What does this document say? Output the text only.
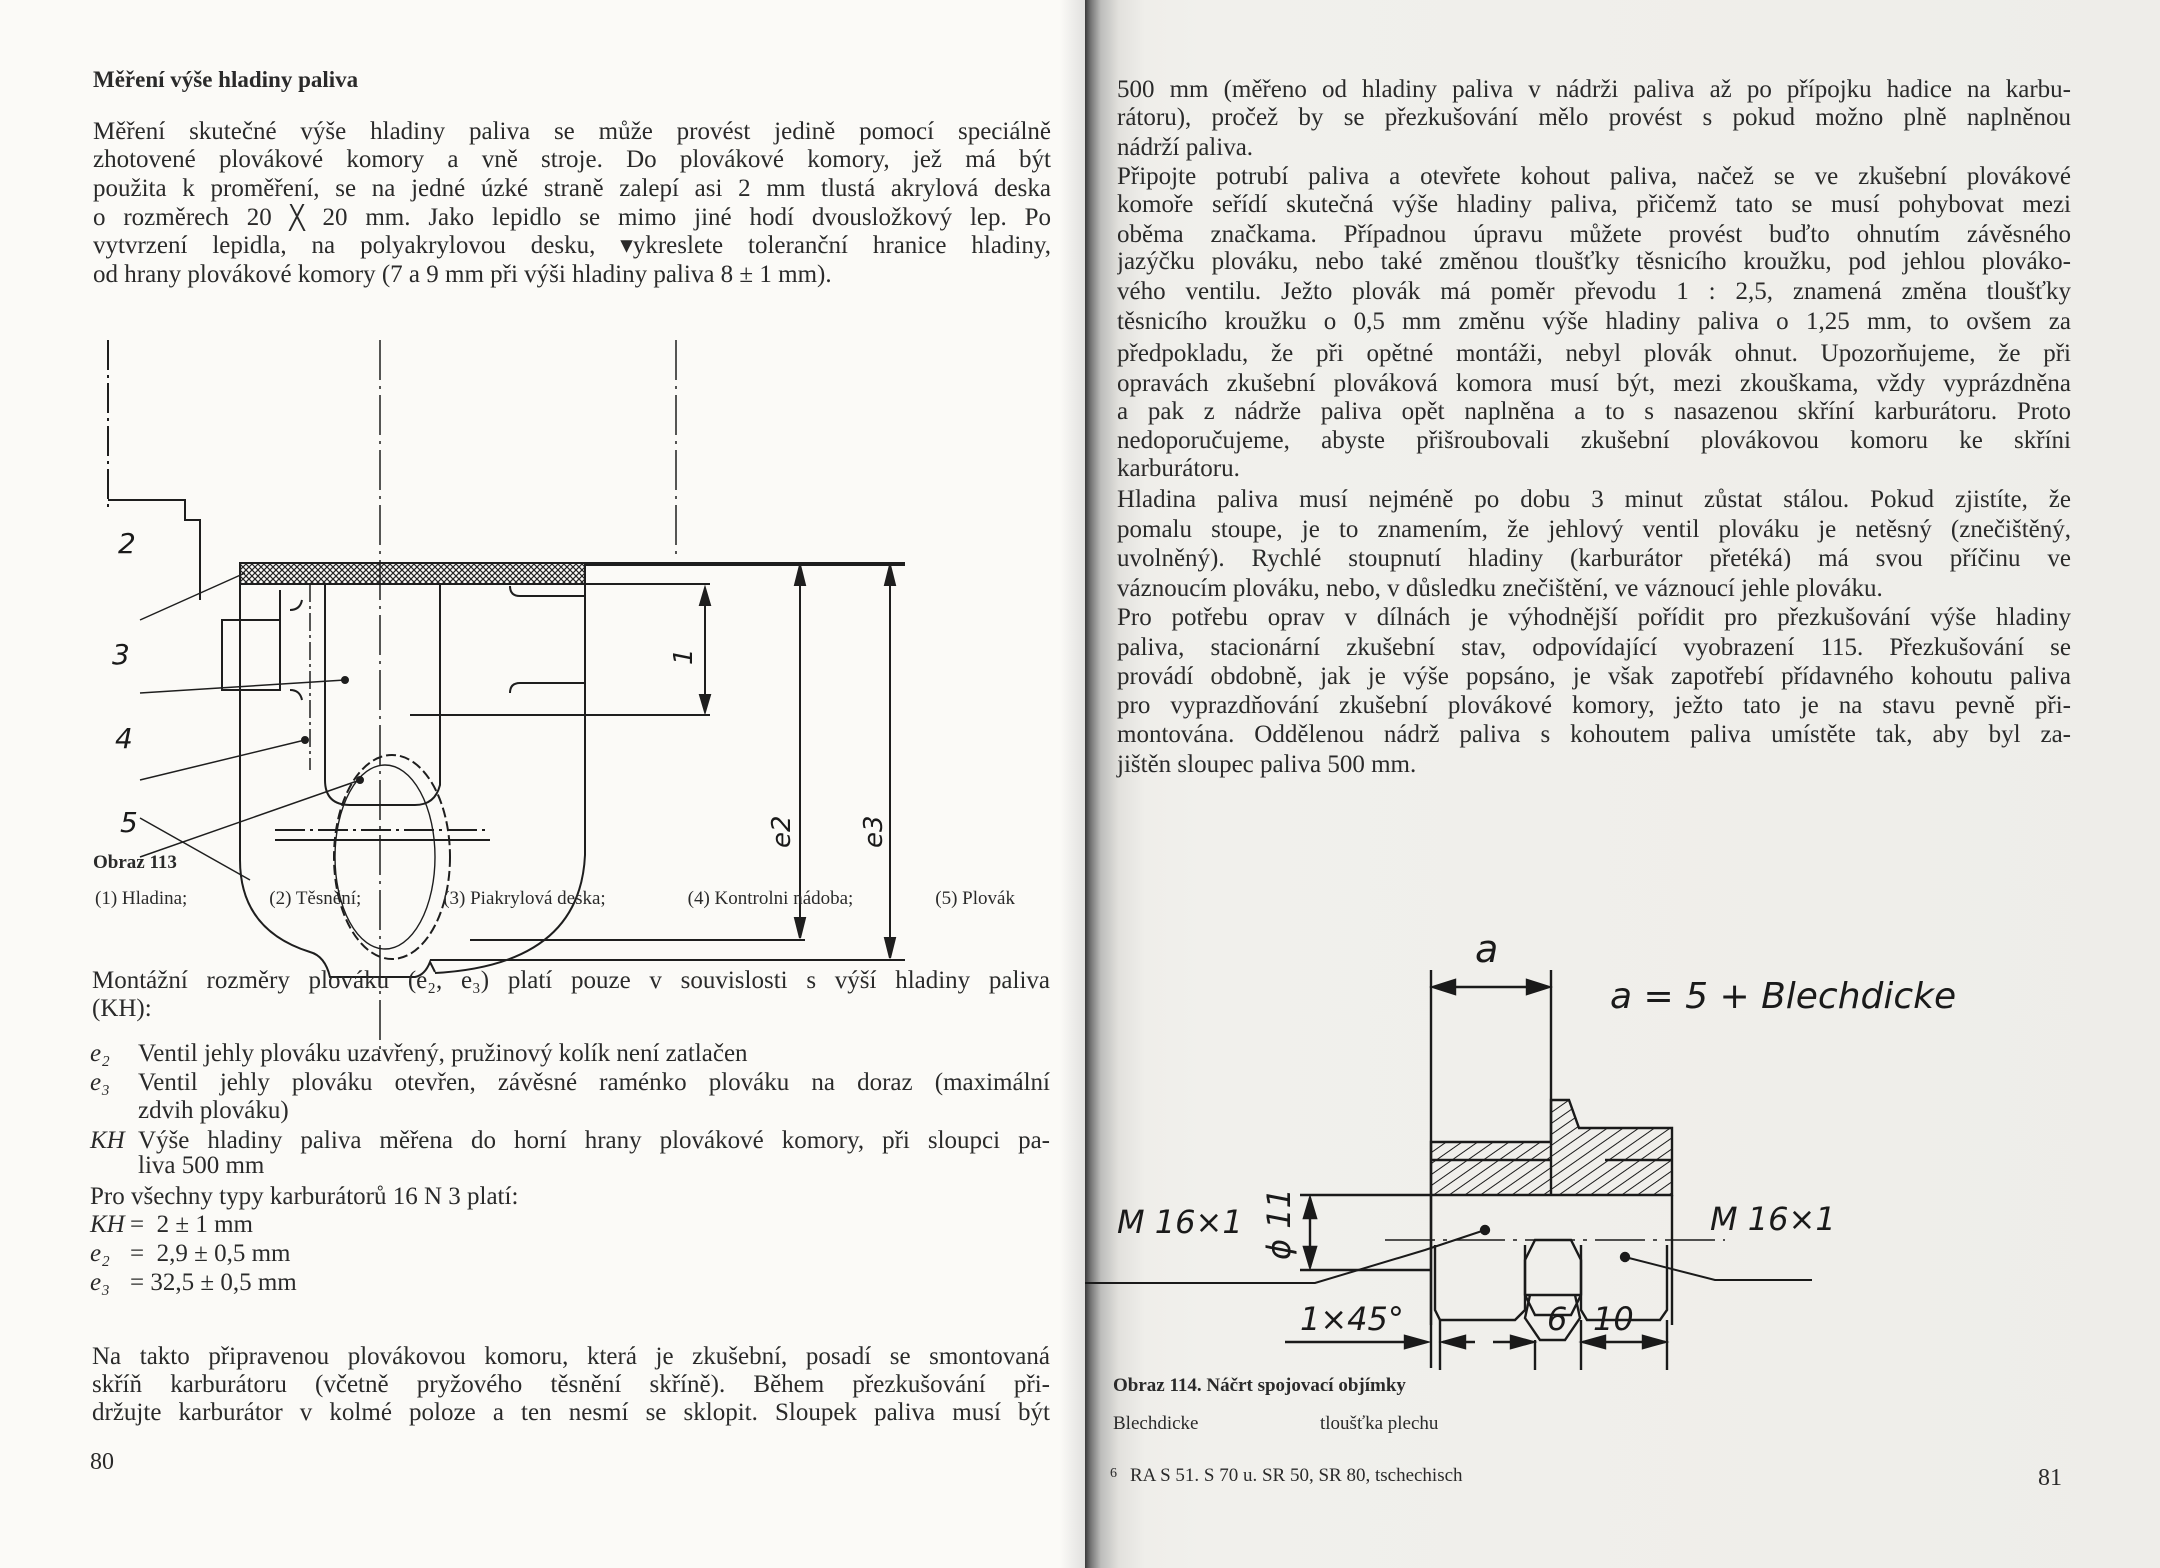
Měření výše hladiny paliva
Měření skutečné výše hladiny paliva se může provést jedině pomocí speciálně
zhotovené plovákové komory a vně stroje. Do plovákové komory, jež má být
použita k proměření, se na jedné úzké straně zalepí asi 2 mm tlustá akrylová deska
o rozměrech 20 ╳ 20 mm. Jako lepidlo se mimo jiné hodí dvousložkový lep. Po
vytvrzení lepidla, na polyakrylovou desku, ▾ykreslete toleranční hranice hladiny,
od hrany plovákové komory (7 a 9 mm při výši hladiny paliva 8 ± 1 mm).
2
3
4
5
1
e2 e3
Obraz 113
(1) Hladina;	(2) Těsnění;	(3) Piakrylová deska;	(4) Kontrolni nádoba;	(5) Plovák
Montážní rozměry plováku (e₂, e₃) platí pouze v souvislosti s výší hladiny paliva
(KH):
e₂ Ventil jehly plováku uzavřený, pružinový kolík není zatlačen
e₃ Ventil jehly plováku otevřen, závěsné raménko plováku na doraz (maximální
zdvih plováku)
KH Výše hladiny paliva měřena do horní hrany plovákové komory, při sloupci pa-
liva 500 mm
Pro všechny typy karburátorů 16 N 3 platí:
KH =  2 ± 1 mm
e₂ =  2,9 ± 0,5 mm
e₃ = 32,5 ± 0,5 mm
Na takto připravenou plovákovou komoru, která je zkušební, posadí se smontovaná
skříň karburátoru (včetně pryžového těsnění skříně). Během přezkušování při-
držujte karburátor v kolmé poloze a ten nesmí se sklopit. Sloupek paliva musí být
80
500 mm (měřeno od hladiny paliva v nádrži paliva až po přípojku hadice na karbu-
rátoru), pročež by se přezkušování mělo provést s pokud možno plně naplněnou
nádrží paliva.
Připojte potrubí paliva a otevřete kohout paliva, načež se ve zkušební plovákové
komoře seřídí skutečná výše hladiny paliva, přičemž tato se musí pohybovat mezi
oběma značkama. Případnou úpravu můžete provést buďto ohnutím závěsného
jazýčku plováku, nebo také změnou tloušťky těsnicího kroužku, pod jehlou plováko-
vého ventilu. Ježto plovák má poměr převodu 1 : 2,5, znamená změna tloušťky
těsnicího kroužku o 0,5 mm změnu výše hladiny paliva o 1,25 mm, to ovšem za
předpokladu, že při opětné montáži, nebyl plovák ohnut. Upozorňujeme, že při
opravách zkušební plováková komora musí být, mezi zkouškama, vždy vyprázdněna
a pak z nádrže paliva opět naplněna a to s nasazenou skříní karburátoru. Proto
nedoporučujeme, abyste přišroubovali zkušební plovákovou komoru ke skříni
karburátoru.
Hladina paliva musí nejméně po dobu 3 minut zůstat stálou. Pokud zjistíte, že
pomalu stoupe, je to znamením, že jehlový ventil plováku je netěsný (znečištěný,
uvolněný). Rychlé stoupnutí hladiny (karburátor přetéká) má svou příčinu ve
váznoucím plováku, nebo, v důsledku znečištění, ve váznoucí jehle plováku.
Pro potřebu oprav v dílnách je výhodnější pořídit pro přezkušování výše hladiny
paliva, stacionární zkušební stav, odpovídající vyobrazení 115. Přezkušování se
provádí obdobně, jak je výše popsáno, je však zapotřebí přídavného kohoutu paliva
pro vyprazdňování zkušební plovákové komory, ježto tato je na stavu pevně při-
montována. Oddělenou nádrž paliva s kohoutem paliva umístěte tak, aby byl za-
jištěn sloupec paliva 500 mm.
a
a = 5 + Blechdicke
ϕ 11
M 16×1	M 16×1
1×45°	6 10
Obraz 114. Náčrt spojovací objímky
Blechdicke	tloušťka plechu
6 RA S 51. S 70 u. SR 50, SR 80, tschechisch	81
